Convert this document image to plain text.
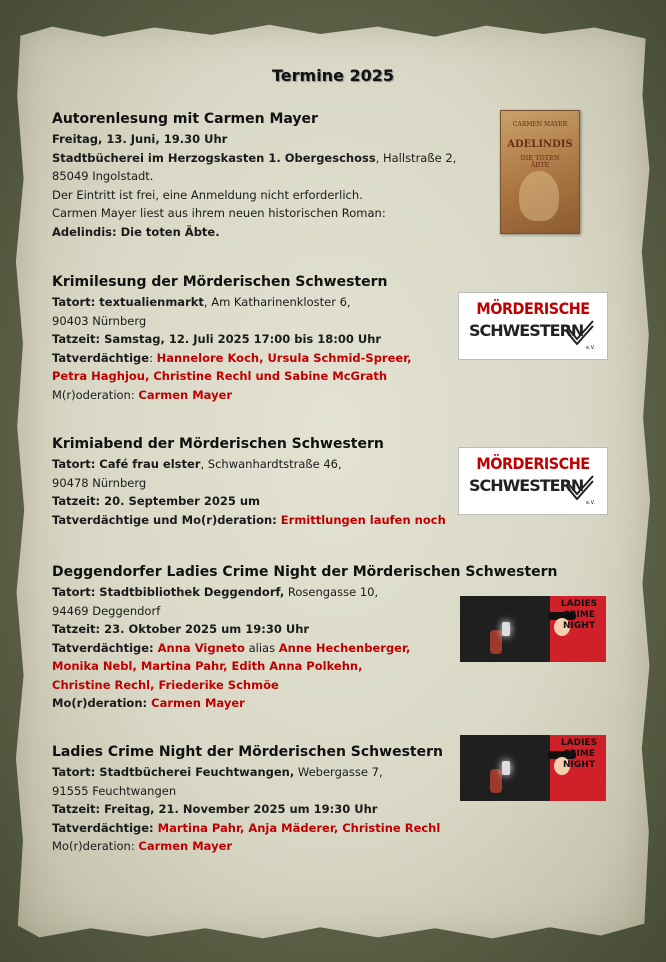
Termine 2025
Autorenlesung mit Carmen Mayer

Freitag, 13. Juni, 19.30 Uhr

Stadtbücherei im Herzogskasten 1. Obergeschoss, Hallstraße 2,

85049 Ingolstadt.

Der Eintritt ist frei, eine Anmeldung nicht erforderlich.

Carmen Mayer liest aus ihrem neuen historischen Roman:

Adelindis: Die toten Äbte.

Krimilesung der Mörderischen Schwestern

Tatort: textualienmarkt, Am Katharinenkloster 6,

90403 Nürnberg

Tatzeit: Samstag, 12. Juli 2025 17:00 bis 18:00 Uhr

Tatverdächtige: Hannelore Koch, Ursula Schmid-Spreer,

Petra Haghjou, Christine Rechl und Sabine McGrath

M(r)oderation: Carmen Mayer

Krimiabend der Mörderischen Schwestern

Tatort: Café frau elster, Schwanhardtstraße 46,

90478 Nürnberg

Tatzeit: 20. September 2025 um

Tatverdächtige und Mo(r)deration: Ermittlungen laufen noch

Deggendorfer Ladies Crime Night der Mörderischen Schwestern

Tatort: Stadtbibliothek Deggendorf, Rosengasse 10,

94469 Deggendorf

Tatzeit: 23. Oktober 2025 um 19:30 Uhr

Tatverdächtige: Anna Vigneto alias Anne Hechenberger,

Monika Nebl, Martina Pahr, Edith Anna Polkehn,

Christine Rechl, Friederike Schmöe

Mo(r)deration: Carmen Mayer

Ladies Crime Night der Mörderischen Schwestern

Tatort: Stadtbücherei Feuchtwangen, Webergasse 7,

91555 Feuchtwangen

Tatzeit: Freitag, 21. November 2025 um 19:30 Uhr

Tatverdächtige: Martina Pahr, Anja Mäderer, Christine Rechl

Mo(r)deration: Carmen Mayer

CARMEN MAYER
ADELINDIS
DIE TOTEN
ÄBTE
MÖRDERISCHE
SCHWESTERN
e.V.
MÖRDERISCHE
SCHWESTERN
e.V.
LADIES
CRIME
NIGHT
LADIES
CRIME
NIGHT
